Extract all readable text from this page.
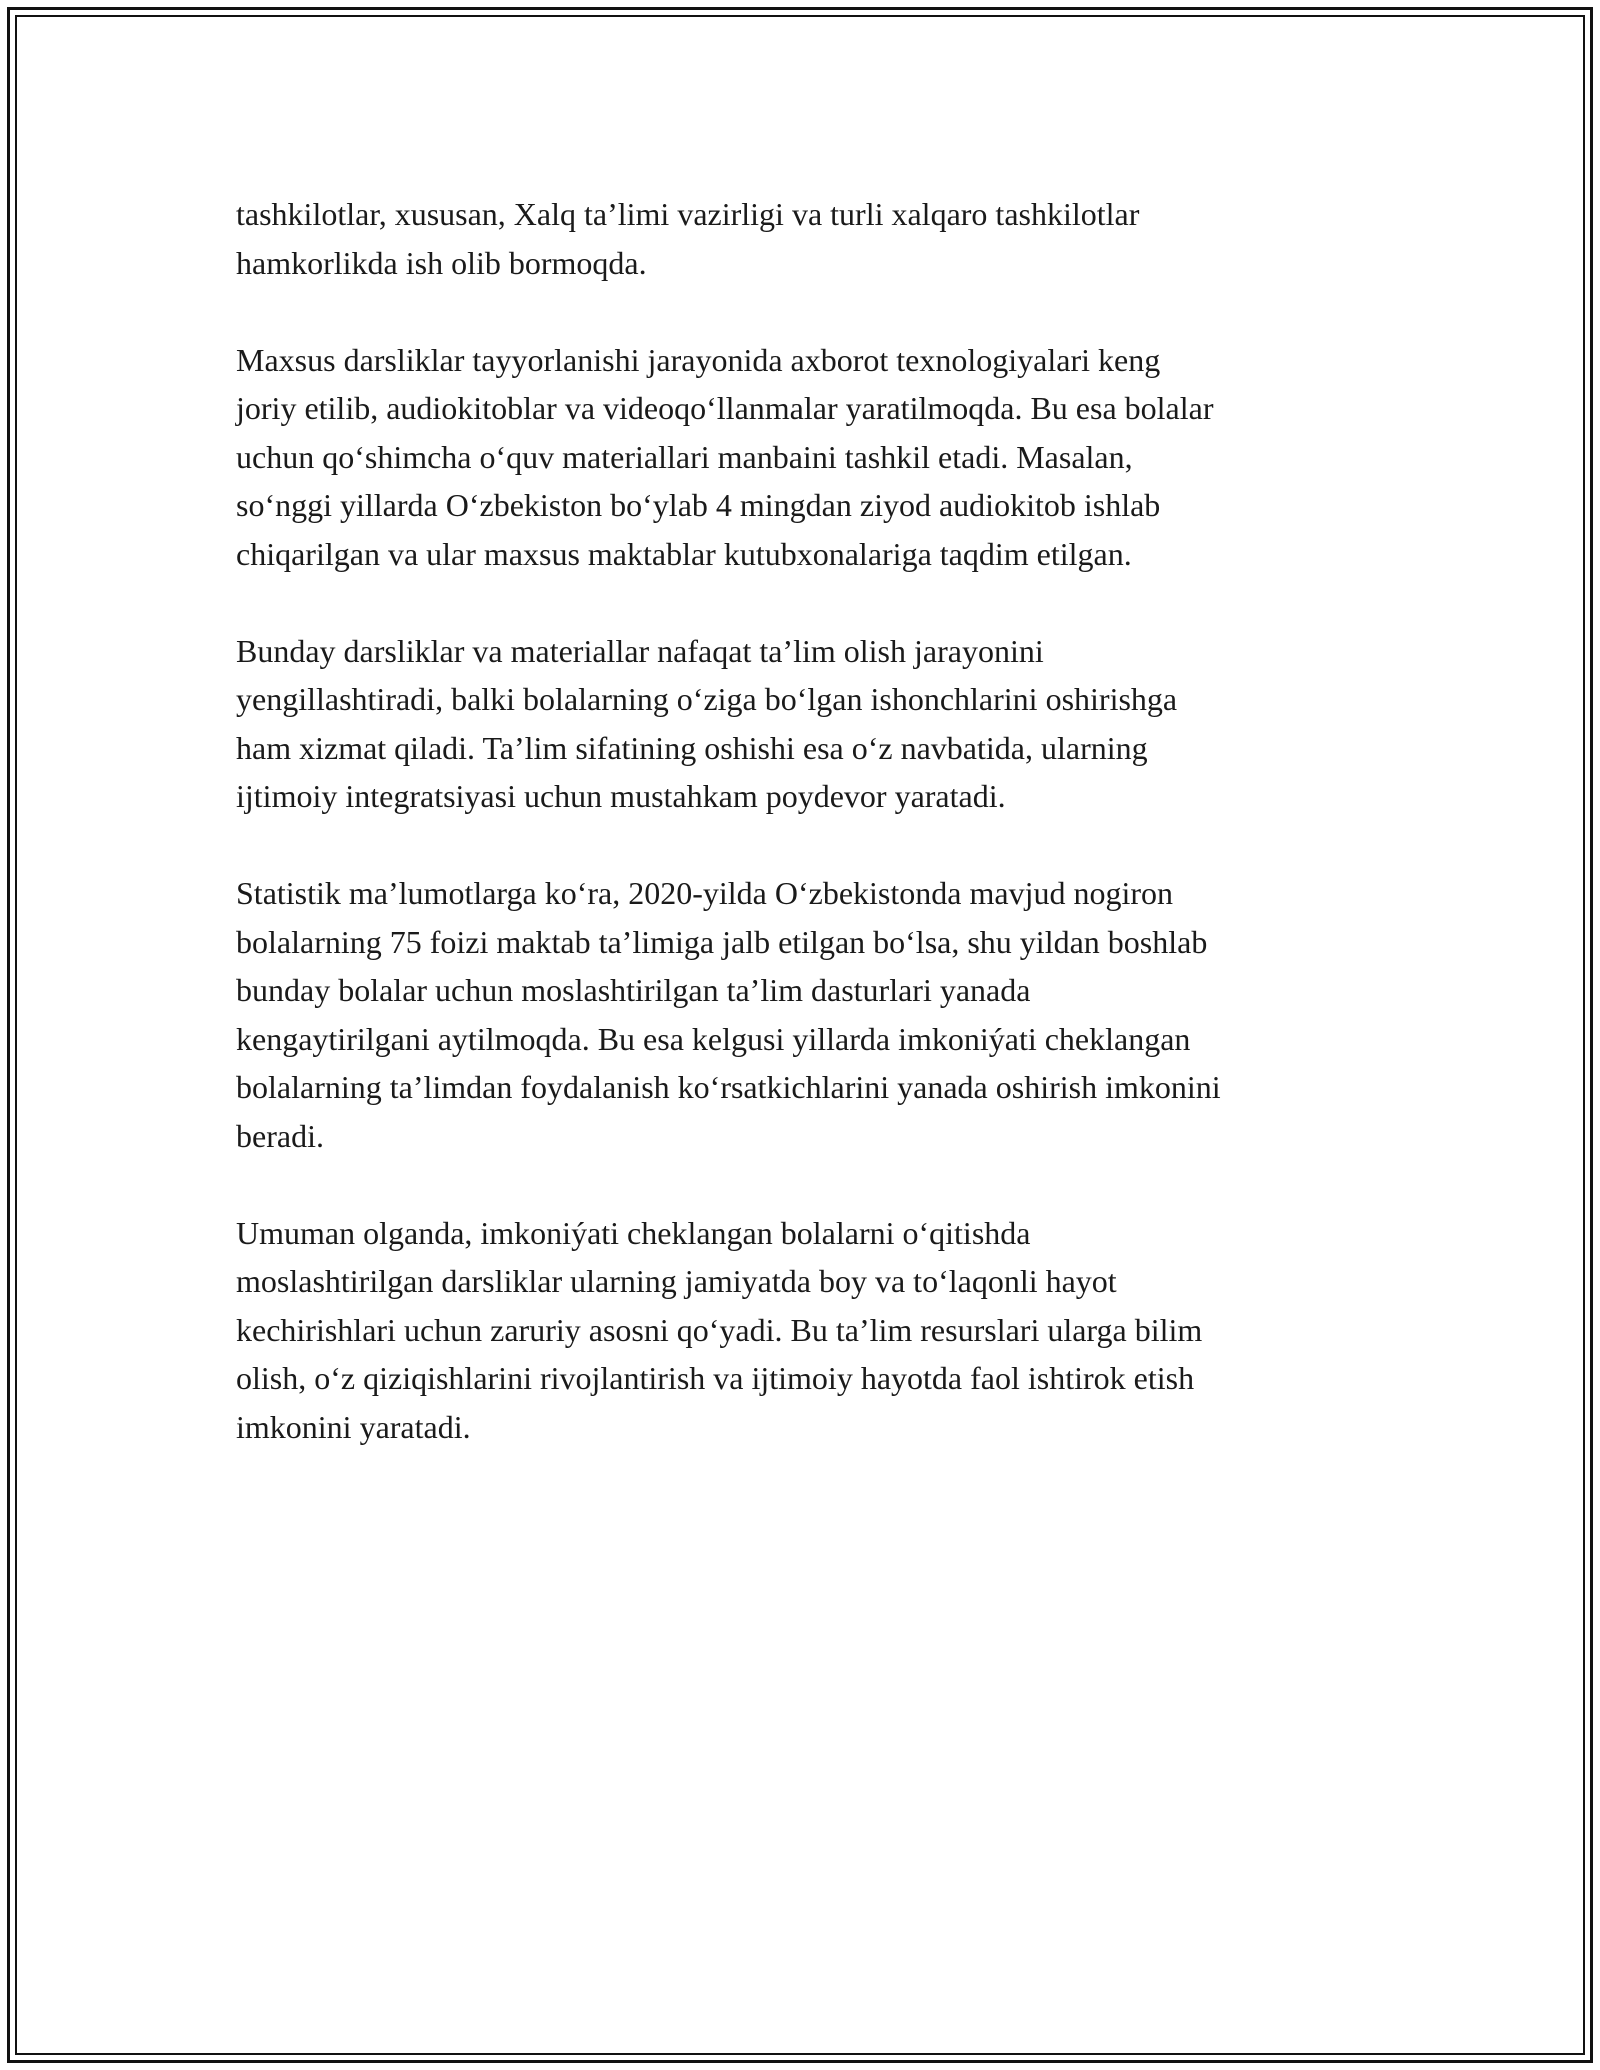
tashkilotlar, xususan, Xalq ta’limi vazirligi va turli xalqaro tashkilotlar
hamkorlikda ish olib bormoqda.

Maxsus darsliklar tayyorlanishi jarayonida axborot texnologiyalari keng
joriy etilib, audiokitoblar va videoqo‘llanmalar yaratilmoqda. Bu esa bolalar
uchun qo‘shimcha o‘quv materiallari manbaini tashkil etadi. Masalan,
so‘nggi yillarda O‘zbekiston bo‘ylab 4 mingdan ziyod audiokitob ishlab
chiqarilgan va ular maxsus maktablar kutubxonalariga taqdim etilgan.

Bunday darsliklar va materiallar nafaqat ta’lim olish jarayonini
yengillashtiradi, balki bolalarning o‘ziga bo‘lgan ishonchlarini oshirishga
ham xizmat qiladi. Ta’lim sifatining oshishi esa o‘z navbatida, ularning
ijtimoiy integratsiyasi uchun mustahkam poydevor yaratadi.

Statistik ma’lumotlarga ko‘ra, 2020-yilda O‘zbekistonda mavjud nogiron
bolalarning 75 foizi maktab ta’limiga jalb etilgan bo‘lsa, shu yildan boshlab
bunday bolalar uchun moslashtirilgan ta’lim dasturlari yanada
kengaytirilgani aytilmoqda. Bu esa kelgusi yillarda imkoniýati cheklangan
bolalarning ta’limdan foydalanish ko‘rsatkichlarini yanada oshirish imkonini
beradi.

Umuman olganda, imkoniýati cheklangan bolalarni o‘qitishda
moslashtirilgan darsliklar ularning jamiyatda boy va to‘laqonli hayot
kechirishlari uchun zaruriy asosni qo‘yadi. Bu ta’lim resurslari ularga bilim
olish, o‘z qiziqishlarini rivojlantirish va ijtimoiy hayotda faol ishtirok etish
imkonini yaratadi.
